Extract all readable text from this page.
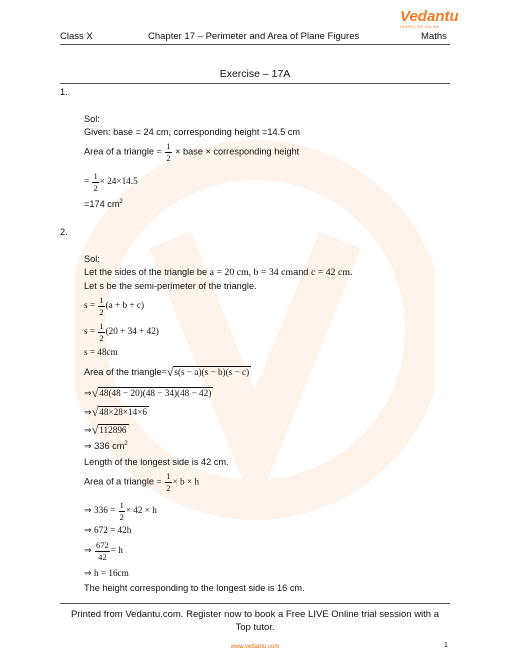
Class X	Chapter 17 – Perimeter and Area of Plane Figures	Maths
Vedantu
LEARN LIVE ONLINE
Exercise – 17A
1.
Sol:
Given: base = 24 cm, corresponding height =14.5 cm
Area of a triangle = $\frac{1}{2}$ × base × corresponding height
= $\frac{1}{2} \times 24\times 14.5$
=174 $cm^2$
2.
Sol:
Let the sides of the triangle be a = 20 cm, b = 34 cmand c = 42 cm.
Let s be the semi-perimeter of the triangle.
$s = \frac{1}{2} (a + b + c)$
$s = \frac{1}{2} (20 + 34 + 42)$
s = 48cm
Area of the triangle=√s(s − a)(s − b)(s − c)
⇒√48(48 − 20)(48 − 34)(48 − 42)
⇒√48×28×14×6
⇒√112896
⇒ 336 $cm^2$
Length of the longest side is 42 cm.
Area of a triangle = $\frac{1}{2} \times b \times h$
⇒ $336 = \frac{1}{2} \times 42 \times h$
⇒ 672 = 42h
⇒ $\frac{672}{42} = h$
⇒ h = 16cm
The height corresponding to the longest side is 16 cm.
Printed from Vedantu.com. Register now to book a Free LIVE Online trial session with a
Top tutor.
www.vedantu.com	1
